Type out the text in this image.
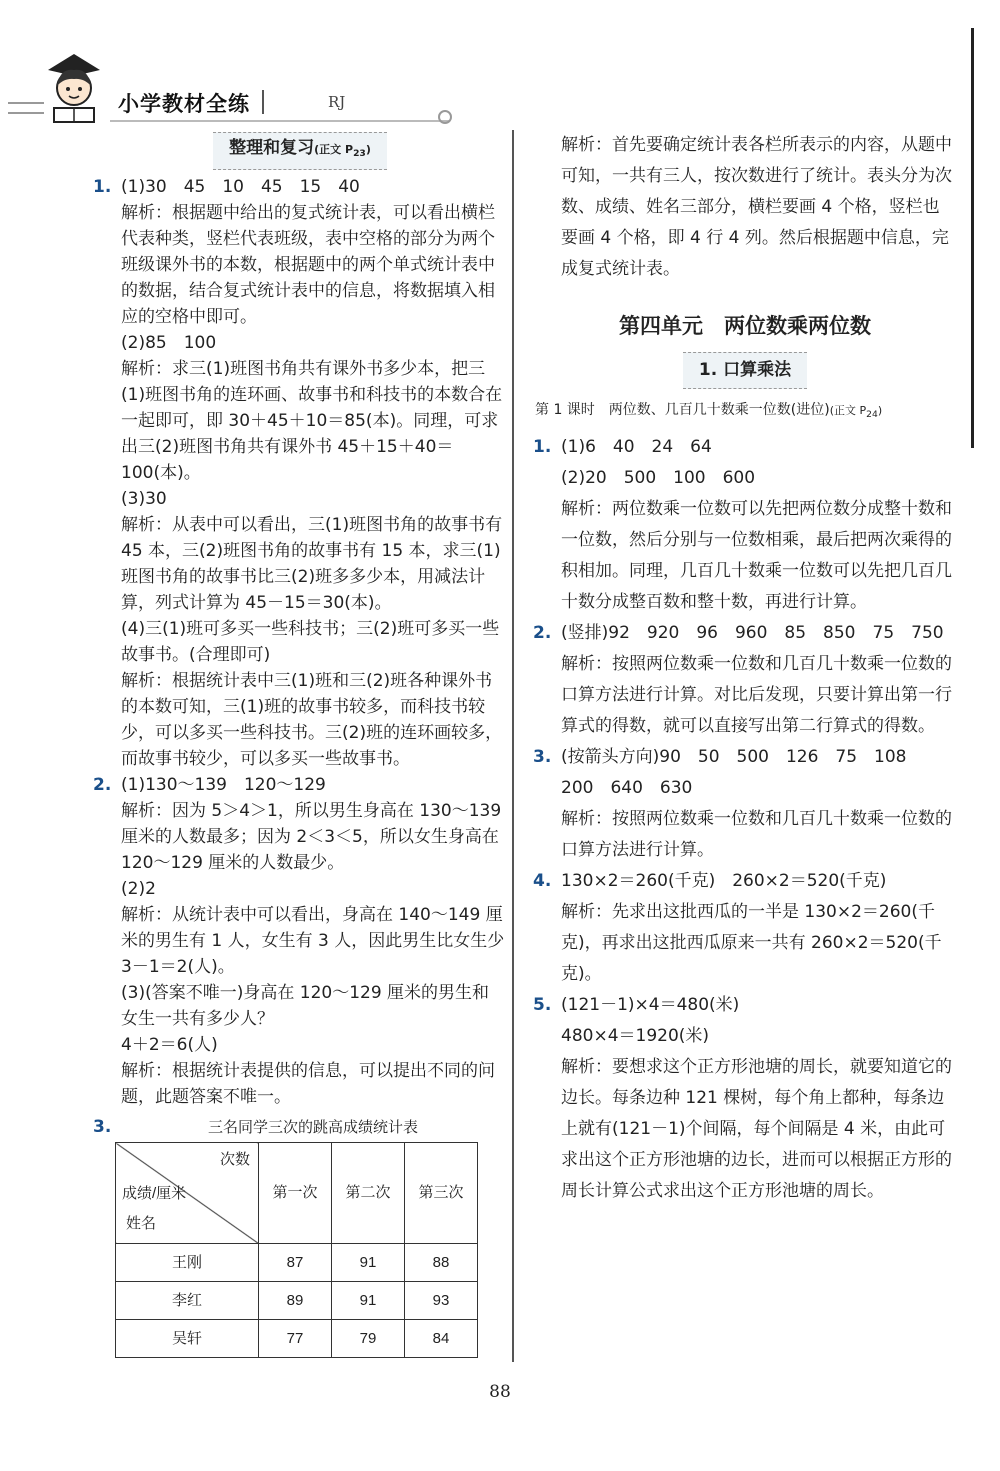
小学教材全练	RJ
整理和复习(正文 $P_{23}$)
1. (1)30　45　10　45　15　40

解析：根据题中给出的复式统计表，可以看出横栏代表种类，竖栏代表班级，表中空格的部分为两个班级课外书的本数，根据题中的两个单式统计表中的数据，结合复式统计表中的信息，将数据填入相应的空格中即可。

(2)85　100

解析：求三(1)班图书角共有课外书多少本，把三(1)班图书角的连环画、故事书和科技书的本数合在一起即可，即 30＋45＋10＝85(本)。同理，可求出三(2)班图书角共有课外书 45＋15＋40＝100(本)。

(3)30

解析：从表中可以看出，三(1)班图书角的故事书有 45 本，三(2)班图书角的故事书有 15 本，求三(1)班图书角的故事书比三(2)班多多少本，用减法计算，列式计算为 45－15＝30(本)。

(4)三(1)班可多买一些科技书；三(2)班可多买一些故事书。(合理即可)

解析：根据统计表中三(1)班和三(2)班各种课外书的本数可知，三(1)班的故事书较多，而科技书较少，可以多买一些科技书。三(2)班的连环画较多，而故事书较少，可以多买一些故事书。

2. (1)130～139　120～129

解析：因为 5＞4＞1，所以男生身高在 130～139 厘米的人数最多；因为 2＜3＜5，所以女生身高在 120～129 厘米的人数最少。

(2)2

解析：从统计表中可以看出，身高在 140～149 厘米的男生有 1 人，女生有 3 人，因此男生比女生少 3－1＝2(人)。

(3)(答案不唯一)身高在 120～129 厘米的男生和女生一共有多少人？

4＋2＝6(人)

解析：根据统计表提供的信息，可以提出不同的问题，此题答案不唯一。

3.	三名同学三次的跳高成绩统计表

次数
成绩/厘米
姓名	第一次	第二次	第三次
王刚	87	91	88
李红	89	91	93
吴轩	77	79	84

解析：首先要确定统计表各栏所表示的内容，从题中可知，一共有三人，按次数进行了统计。表头分为次数、成绩、姓名三部分，横栏要画 4 个格，竖栏也要画 4 个格，即 4 行 4 列。然后根据题中信息，完成复式统计表。

第四单元　两位数乘两位数
1. 口算乘法
第 1 课时　两位数、几百几十数乘一位数(进位)(正文 $P_{24}$)
1. (1)6　40　24　64

(2)20　500　100　600

解析：两位数乘一位数可以先把两位数分成整十数和一位数，然后分别与一位数相乘，最后把两次乘得的积相加。同理，几百几十数乘一位数可以先把几百几十数分成整百数和整十数，再进行计算。

2. (竖排)92　920　96　960　85　850　75　750

解析：按照两位数乘一位数和几百几十数乘一位数的口算方法进行计算。对比后发现，只要计算出第一行算式的得数，就可以直接写出第二行算式的得数。

3. (按箭头方向)90　50　500　126　75　108　200　640　630

解析：按照两位数乘一位数和几百几十数乘一位数的口算方法进行计算。

4. 130×2＝260(千克)　260×2＝520(千克)

解析：先求出这批西瓜的一半是 130×2＝260(千克)，再求出这批西瓜原来一共有 260×2＝520(千克)。

5. (121－1)×4＝480(米)

480×4＝1920(米)

解析：要想求这个正方形池塘的周长，就要知道它的边长。每条边种 121 棵树，每个角上都种，每条边上就有(121－1)个间隔，每个间隔是 4 米，由此可求出这个正方形池塘的边长，进而可以根据正方形的周长计算公式求出这个正方形池塘的周长。

88
